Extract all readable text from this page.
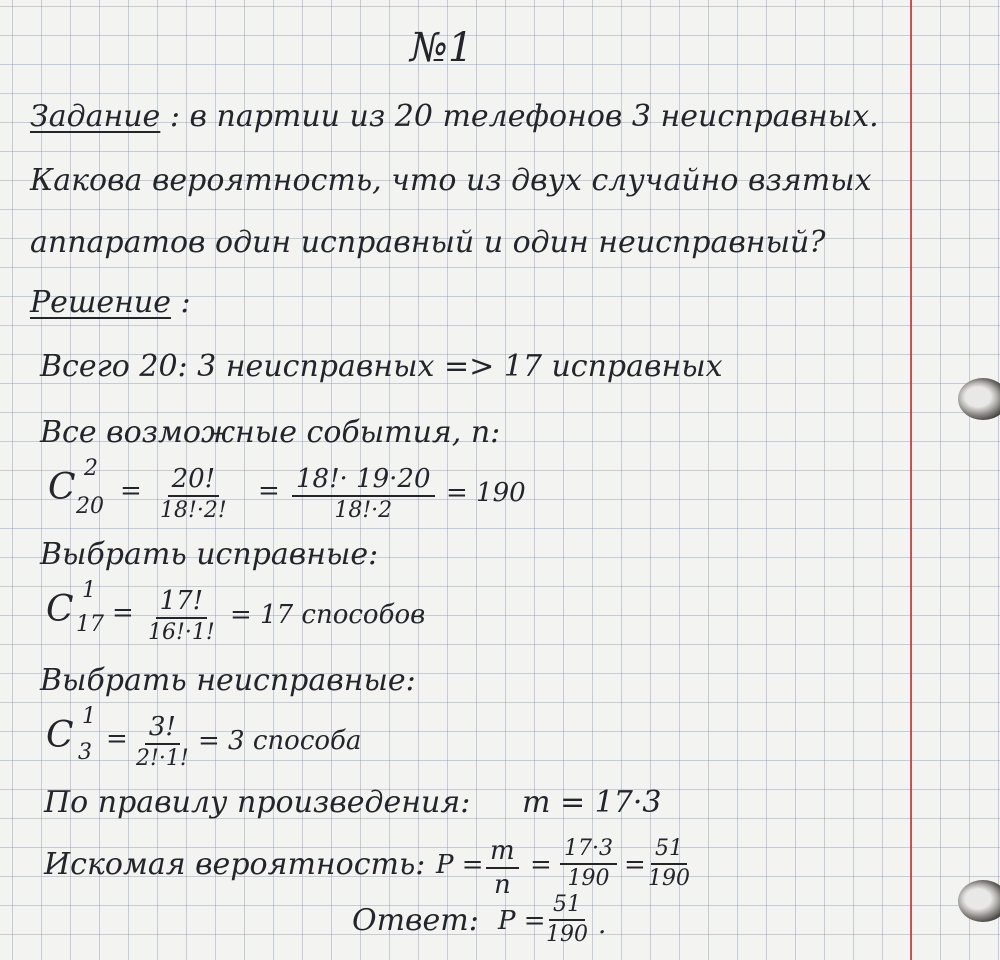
№1
Задание : в партии из 20 телефонов 3 неисправных.
Какова вероятность, что из двух случайно взятых
аппаратов один исправный и один неисправный?
Решение :
Всего 20: 3 неисправных => 17 исправных
Все возможные события, n:
C 2
20
= 20!
18!·2!
= 18!· 19·20
18!·2
= 190
Выбрать исправные:
C 1
17 = 17!
16!·1!
= 17 способов
Выбрать неисправные:
C 1
3 = 3!
2!·1!
= 3 способа
По правилу произведения: m = 17·3
Искомая вероятность: $P = \frac{m}{n} = \frac{17\cdot 3}{190} = \frac{51}{190}$
Ответ: $P = \frac{51}{190}$ .
